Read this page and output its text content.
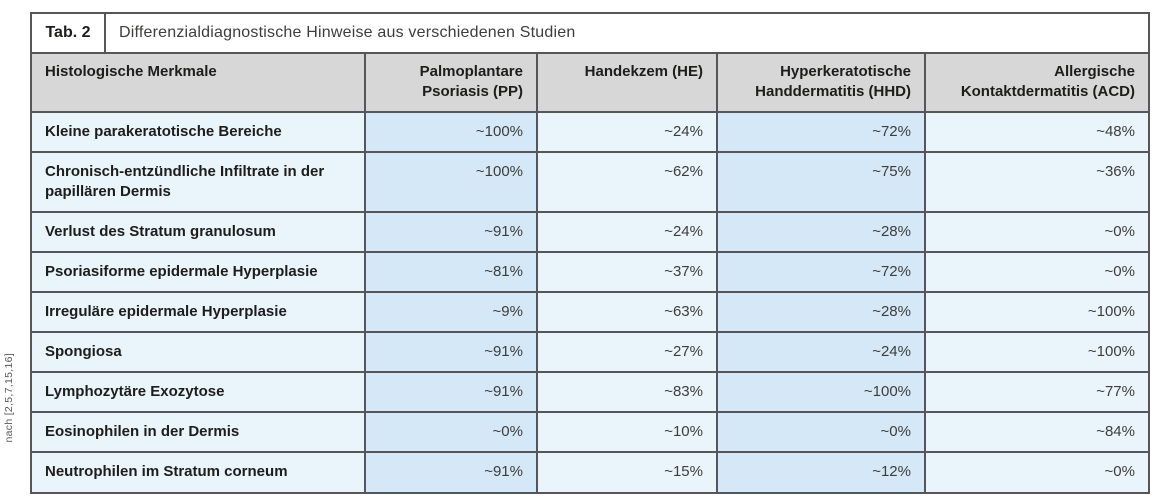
nach [2,5,7,15,16]
Tab. 2	Differenzialdiagnostische Hinweise aus verschiedenen Studien
Histologische Merkmale	Palmoplantare Psoriasis (PP)	Handekzem (HE)	Hyperkeratotische Handdermatitis (HHD)	Allergische Kontaktdermatitis (ACD)
Kleine parakeratotische Bereiche	~100%	~24%	~72%	~48%
Chronisch-entzündliche Infiltrate in der papillären Dermis	~100%	~62%	~75%	~36%
Verlust des Stratum granulosum	~91%	~24%	~28%	~0%
Psoriasiforme epidermale Hyperplasie	~81%	~37%	~72%	~0%
Irreguläre epidermale Hyperplasie	~9%	~63%	~28%	~100%
Spongiosa	~91%	~27%	~24%	~100%
Lymphozytäre Exozytose	~91%	~83%	~100%	~77%
Eosinophilen in der Dermis	~0%	~10%	~0%	~84%
Neutrophilen im Stratum corneum	~91%	~15%	~12%	~0%
